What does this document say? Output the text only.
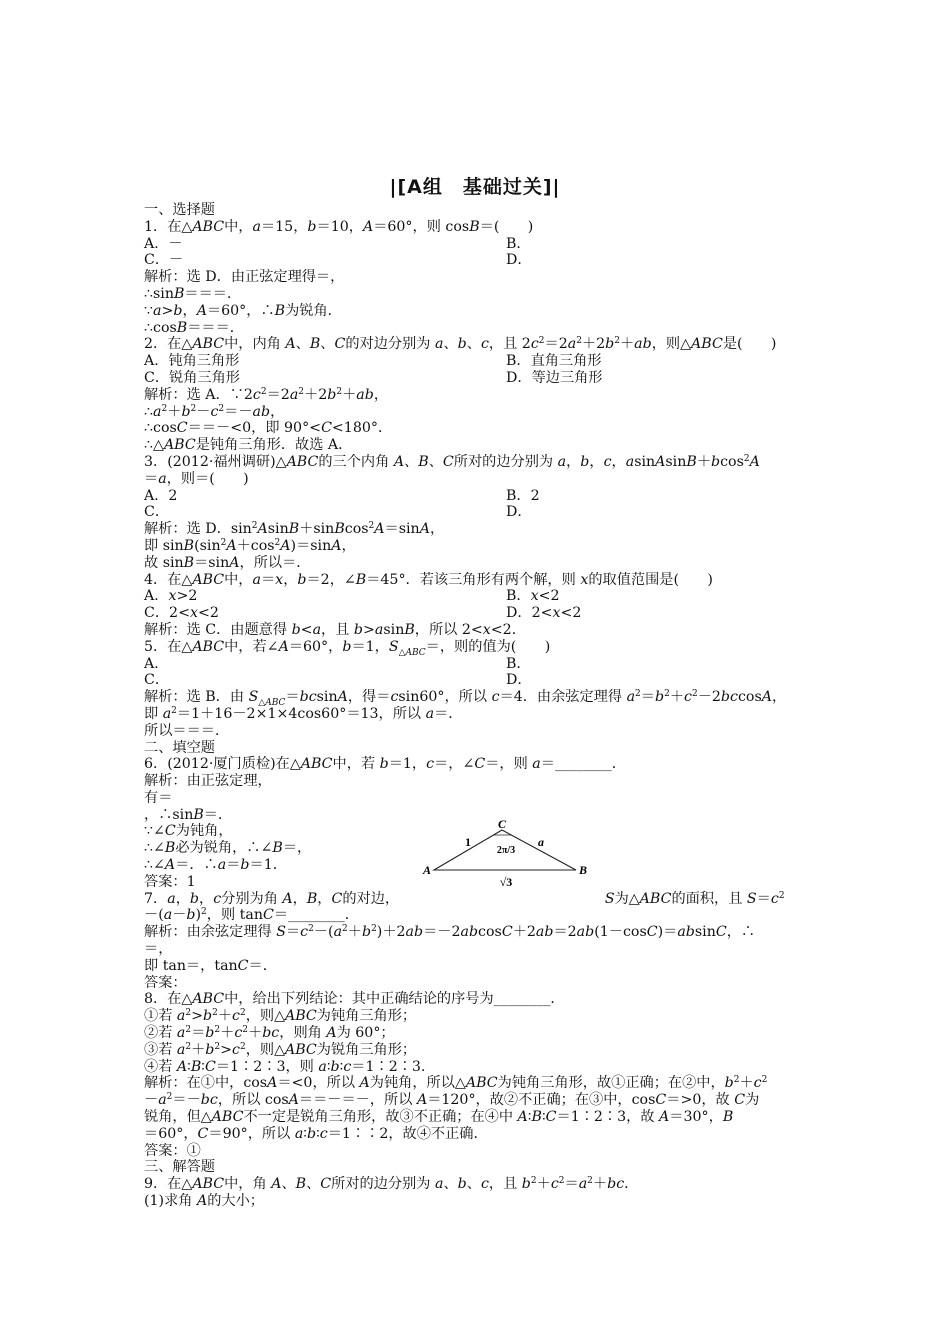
|[A组　基础过关]|
一、选择题
1．在△ABC中，a＝15，b＝10，A＝60°，则 cosB＝(　　)
A．－	B．
C．－	D．
解析：选 D．由正弦定理得＝，
∴sinB＝＝＝．
∵a>b，A＝60°，∴B为锐角．
∴cosB＝＝＝．
2．在△ABC中，内角 A、B、C的对边分别为 a、b、c，且 $2c^2=2a^2+2b^2+ab$，则△ABC是(　　)
A．钝角三角形	B．直角三角形
C．锐角三角形	D．等边三角形
解析：选 A．$\because 2c^2=2a^2+2b^2+ab$，
$\therefore a^2+b^2-c^2=-ab$，
∴cosC＝＝－<0，即 90°<C<180°．
∴△ABC是钝角三角形．故选 A．
3．(2012·福州调研)△ABC的三个内角 A、B、C所对的边分别为 a，b，c，asinAsinB＋bcos$^2$A
＝a，则＝(　　)
A．2	B．2
C．	D．
解析：选 D．$\sin^2AsinB+sinBcos^2A=\sin A$，
即 $\sin B(\sin^2A+\cos^2A)=\sin A$，
故 sinB＝sinA，所以＝．
4．在△ABC中，a＝x，b＝2，∠B＝45°．若该三角形有两个解，则 x的取值范围是(　　)
A．x>2	B．x<2
C．2<x<2	D．2<x<2
解析：选 C．由题意得 b<a，且 b>asinB，所以 2<x<2．
5．在△ABC中，若∠A＝60°，b＝1，$S_{\triangle ABC}=$，则的值为(　　)
A．	B．
C．	D．
解析：选 B．由 $S_{\triangle ABC}=bcsinA$，得＝csin60°，所以 c＝4．由余弦定理得 $a^2=b^2+c^2-2bccosA$，
即 $a^2=1+16-2\times 1\times 4\cos 60^\circ=13$，所以 a＝．
所以＝＝＝．
二、填空题
6．(2012·厦门质检)在△ABC中，若 b＝1，c＝，∠C＝，则 a＝________．
解析：由正弦定理，
有＝
，∴sinB＝．
∵∠C为钝角，
∴∠B必为锐角，∴∠B＝，
∴∠A＝．∴a＝b＝1．
答案：1
7．a，b，c分别为角 A，B，C的对边，　　　　　　　　　　　　　　　S为△ABC的面积，且 $S=c^2$
$-(a-b)^2$，则 tanC＝________．
解析：由余弦定理得 $S=c^2-(a^2+b^2)+2ab=-2abcosC+2ab=2ab(1-\cos C)=absinC$，∴
＝，
即 tan＝，tanC＝．
答案：
8．在△ABC中，给出下列结论：其中正确结论的序号为________．
①若 $a^2>b^2+c^2$，则△ABC为钝角三角形；
②若 $a^2=b^2+c^2+bc$，则角 A为 60°；
③若 $a^2+b^2>c^2$，则△ABC为锐角三角形；
④若 A∶B∶C＝1∶2∶3，则 a∶b∶c＝1∶2∶3．
解析：在①中，cosA＝<0，所以 A为钝角，所以△ABC为钝角三角形，故①正确；在②中，$b^2+c^2$
$-a^2=-bc$，所以 cosA＝＝－＝－，所以 A＝120°，故②不正确；在③中，cosC＝>0，故 C为
锐角，但△ABC不一定是锐角三角形，故③不正确；在④中 A∶B∶C＝1∶2∶3，故 A＝30°，B
＝60°，C＝90°，所以 a∶b∶c＝1∶∶2，故④不正确．
答案：①
三、解答题
9．在△ABC中，角 A、B、C所对的边分别为 a、b、c，且 $b^2+c^2=a^2+bc$．
(1)求角 A的大小；
C
A	B
1	a
2π/3
√3
